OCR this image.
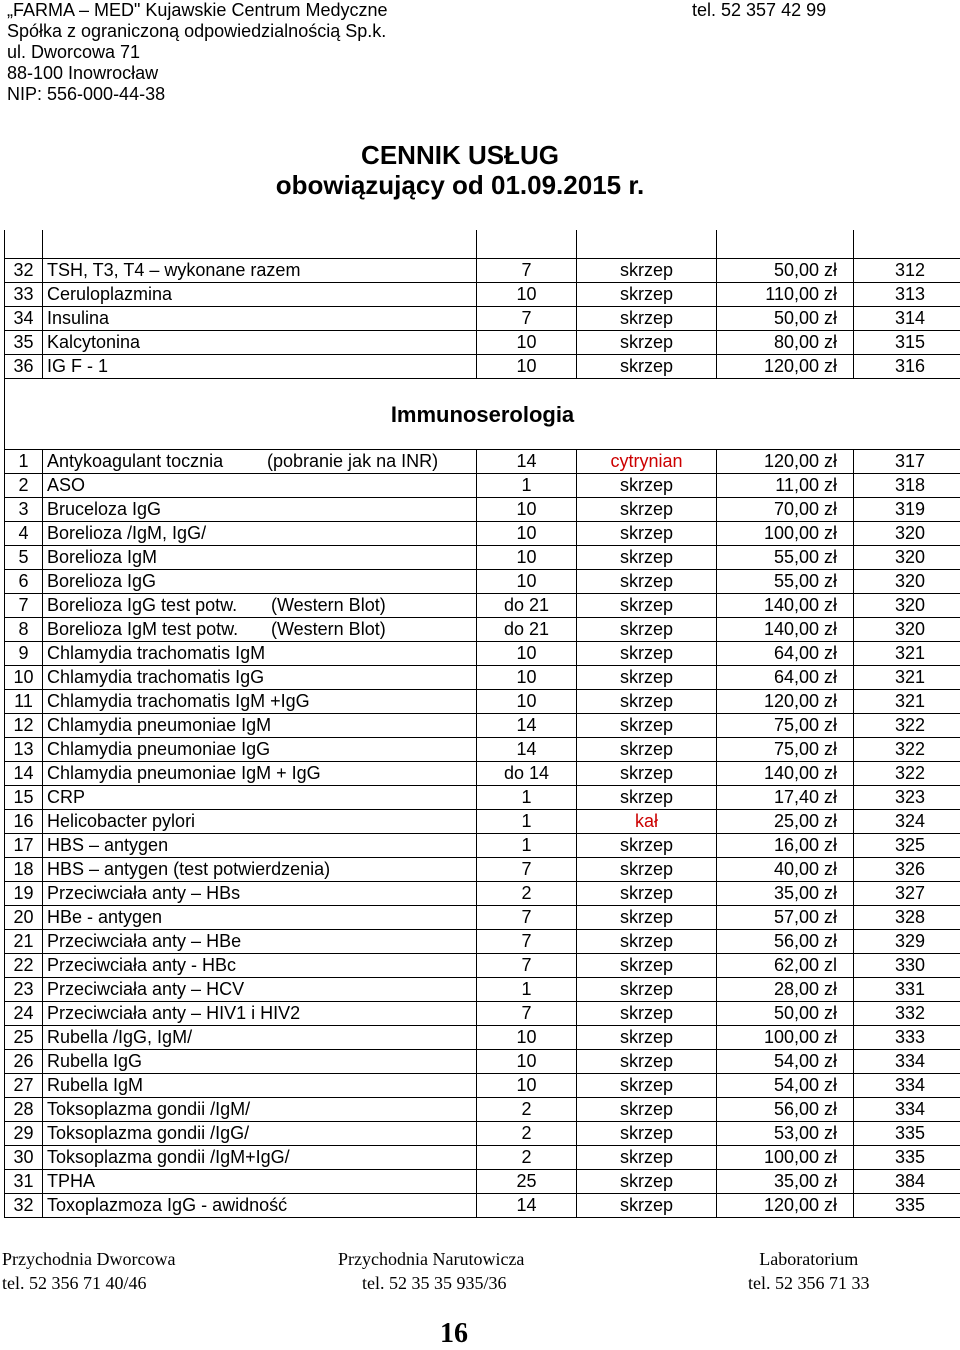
„FARMA – MED" Kujawskie Centrum Medyczne
Spółka z ograniczoną odpowiedzialnością Sp.k.
ul. Dworcowa 71
88-100 Inowrocław
NIP: 556-000-44-38
tel. 52 357 42 99
CENNIK USŁUG
obowiązujący od 01.09.2015 r.

32	TSH, T3, T4 – wykonane razem	7	skrzep	50,00 zł	312
33	Ceruloplazmina	10	skrzep	110,00 zł	313
34	Insulina	7	skrzep	50,00 zł	314
35	Kalcytonina	10	skrzep	80,00 zł	315
36	IG F - 1	10	skrzep	120,00 zł	316
Immunoserologia					
1	Antykoagulant tocznia (pobranie jak na INR)	14	cytrynian	120,00 zł	317
2	ASO	1	skrzep	11,00 zł	318
3	Bruceloza IgG	10	skrzep	70,00 zł	319
4	Borelioza /IgM, IgG/	10	skrzep	100,00 zł	320
5	Borelioza IgM	10	skrzep	55,00 zł	320
6	Borelioza IgG	10	skrzep	55,00 zł	320
7	Borelioza IgG test potw. (Western Blot)	do 21	skrzep	140,00 zł	320
8	Borelioza IgM test potw. (Western Blot)	do 21	skrzep	140,00 zł	320
9	Chlamydia trachomatis IgM	10	skrzep	64,00 zł	321
10	Chlamydia trachomatis IgG	10	skrzep	64,00 zł	321
11	Chlamydia trachomatis IgM +IgG	10	skrzep	120,00 zł	321
12	Chlamydia pneumoniae IgM	14	skrzep	75,00 zł	322
13	Chlamydia pneumoniae IgG	14	skrzep	75,00 zł	322
14	Chlamydia pneumoniae IgM + IgG	do 14	skrzep	140,00 zł	322
15	CRP	1	skrzep	17,40 zł	323
16	Helicobacter pylori	1	kał	25,00 zł	324
17	HBS – antygen	1	skrzep	16,00 zł	325
18	HBS – antygen (test potwierdzenia)	7	skrzep	40,00 zł	326
19	Przeciwciała anty – HBs	2	skrzep	35,00 zł	327
20	HBe - antygen	7	skrzep	57,00 zł	328
21	Przeciwciała anty – HBe	7	skrzep	56,00 zł	329
22	Przeciwciała anty - HBc	7	skrzep	62,00 zl	330
23	Przeciwciała anty – HCV	1	skrzep	28,00 zł	331
24	Przeciwciała anty – HIV1 i HIV2	7	skrzep	50,00 zł	332
25	Rubella /IgG, IgM/	10	skrzep	100,00 zł	333
26	Rubella IgG	10	skrzep	54,00 zł	334
27	Rubella IgM	10	skrzep	54,00 zł	334
28	Toksoplazma gondii /IgM/	2	skrzep	56,00 zł	334
29	Toksoplazma gondii /IgG/	2	skrzep	53,00 zł	335
30	Toksoplazma gondii /IgM+IgG/	2	skrzep	100,00 zł	335
31	TPHA	25	skrzep	35,00 zł	384
32	Toxoplazmoza IgG - awidność	14	skrzep	120,00 zł	335
Przychodnia Dworcowa
tel. 52 356 71 40/46
Przychodnia Narutowicza
tel. 52 35 35 935/36
Laboratorium
tel. 52 356 71 33
16
